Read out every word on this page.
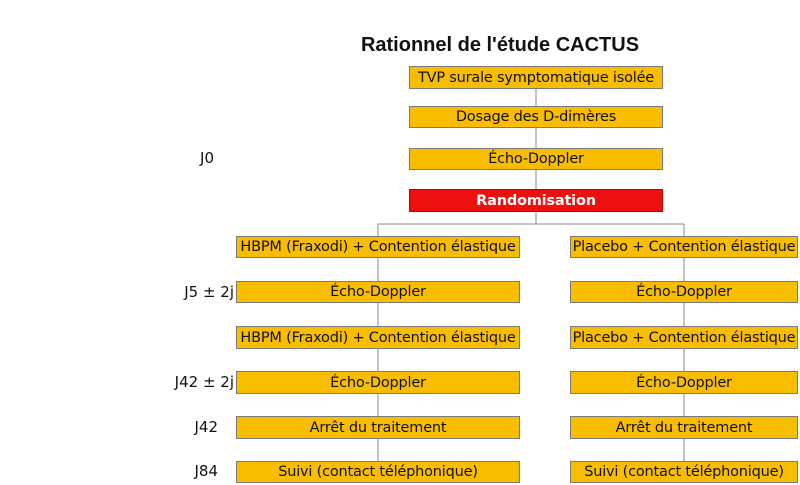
Rationnel de l'étude CACTUS
TVP surale symptomatique isolée
Dosage des D-dimères
Écho-Doppler
Randomisation
HBPM (Fraxodi) + Contention élastique
Écho-Doppler
HBPM (Fraxodi) + Contention élastique
Écho-Doppler
Arrêt du traitement
Suivi (contact téléphonique)
Placebo + Contention élastique
Écho-Doppler
Placebo + Contention élastique
Écho-Doppler
Arrêt du traitement
Suivi (contact téléphonique)
J0
J5 ± 2j
J42 ± 2j
J42
J84
